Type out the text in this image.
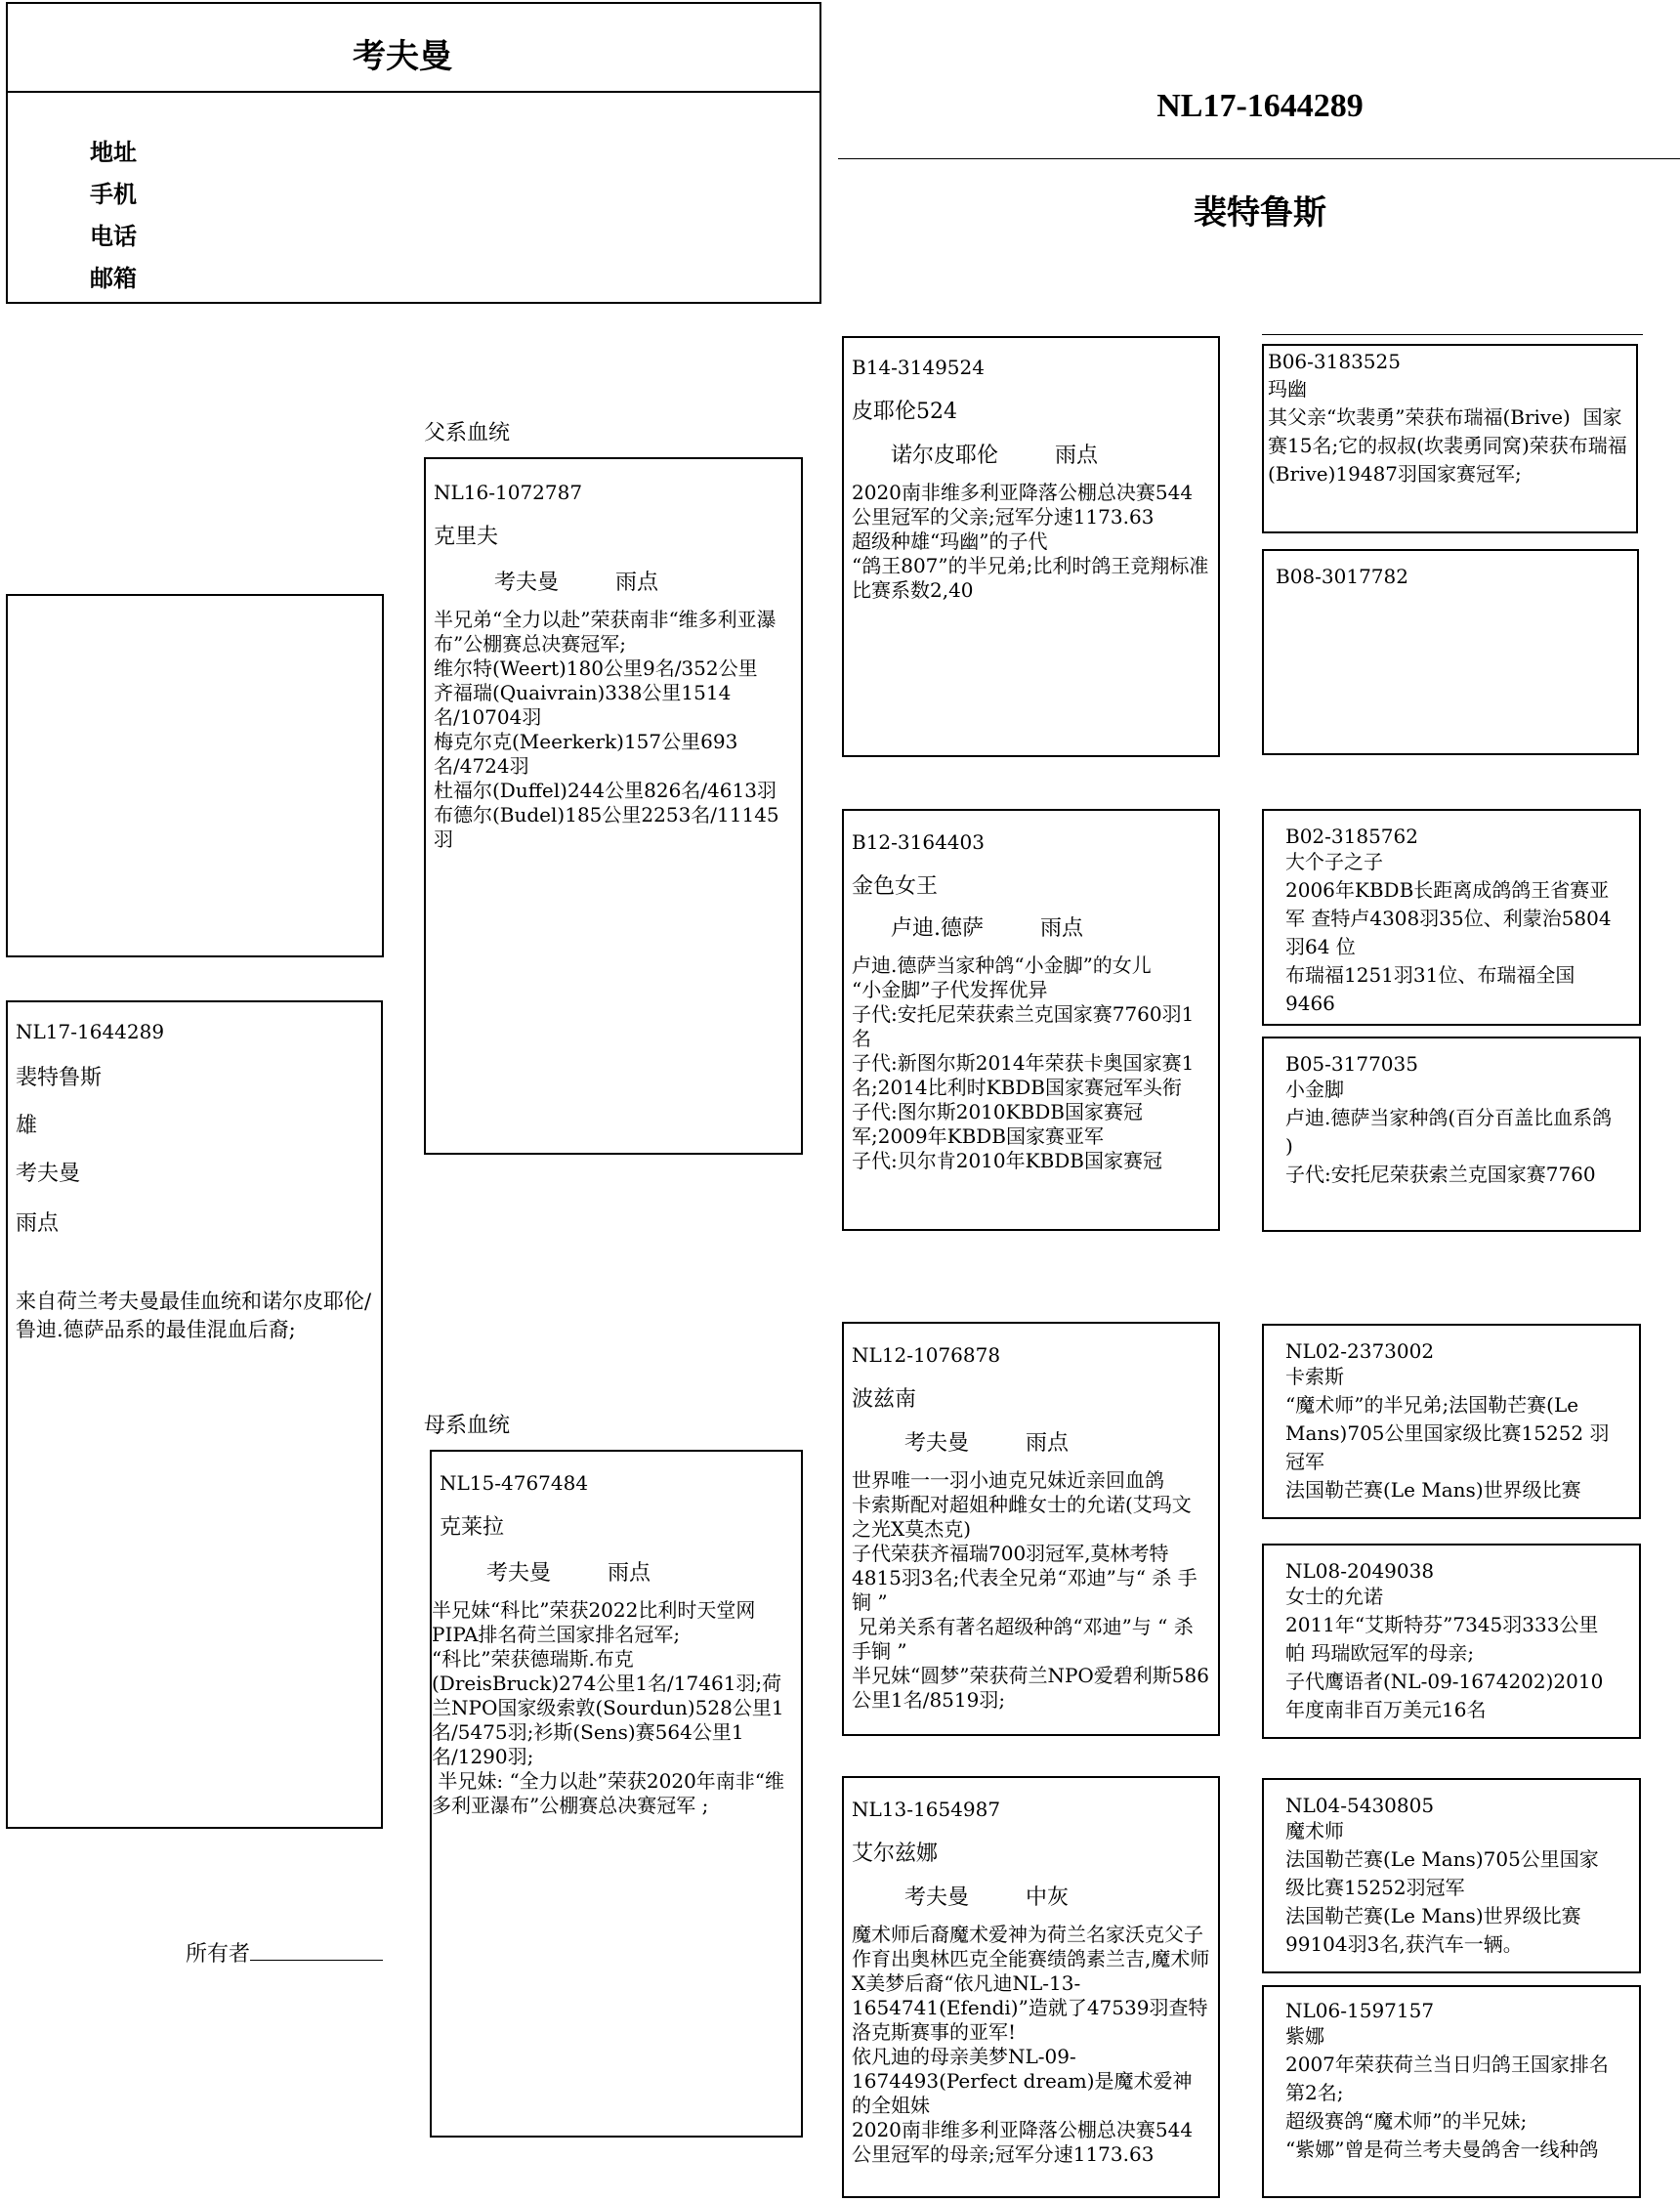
考夫曼
地址
手机
电话
邮箱
NL17-1644289
裴特鲁斯

NL17-1644289

裴特鲁斯

雄

考夫曼

雨点

来自荷兰考夫曼最佳血统和诺尔皮耶伦/鲁迪.德萨品系的最佳混血后裔;

所有者
父系血统

NL16-1072787

克里夫

考夫曼	雨点

半兄弟“全力以赴”荣获南非“维多利亚瀑布”公棚赛总决赛冠军;
维尔特(Weert)180公里9名/352公里
齐福瑞(Quaivrain)338公里1514 名/10704羽
梅克尔克(Meerkerk)157公里693名/4724羽
杜福尔(Duffel)244公里826名/4613羽
布德尔(Budel)185公里2253名/11145羽

母系血统

NL15-4767484

克莱拉

考夫曼	雨点

半兄妹“科比”荣获2022比利时天堂网PIPA排名荷兰国家排名冠军;
“科比”荣获德瑞斯.布克(DreisBruck)274公里1名/17461羽;荷兰NPO国家级索敦(Sourdun)528公里1名/5475羽;衫斯(Sens)赛564公里1名/1290羽;
半兄妹: “全力以赴”荣获2020年南非“维多利亚瀑布”公棚赛总决赛冠军 ;

B14-3149524

皮耶伦524

诺尔皮耶伦	雨点

2020南非维多利亚降落公棚总决赛544公里冠军的父亲;冠军分速1173.63
超级种雄“玛幽”的子代
“鸽王807”的半兄弟;比利时鸽王竞翔标准比赛系数2,40

B12-3164403

金色女王

卢迪.德萨	雨点

卢迪.德萨当家种鸽“小金脚”的女儿
“小金脚”子代发挥优异
子代:安托尼荣获索兰克国家赛7760羽1名
子代:新图尔斯2014年荣获卡奥国家赛1名;2014比利时KBDB国家赛冠军头衔
子代:图尔斯2010KBDB国家赛冠军;2009年KBDB国家赛亚军
子代:贝尔肯2010年KBDB国家赛冠

NL12-1076878

波兹南

考夫曼	雨点

世界唯一一羽小迪克兄妹近亲回血鸽
卡索斯配对超姐种雌女士的允诺(艾玛文之光X莫杰克)
子代荣获齐福瑞700羽冠军,莫林考特4815羽3名;代表全兄弟“邓迪”与“ 杀 手 锏 ”
兄弟关系有著名超级种鸽“邓迪”与 “ 杀手锏 ”
半兄妹“圆梦”荣获荷兰NPO爱碧利斯586公里1名/8519羽;

NL13-1654987

艾尔兹娜

考夫曼	中灰

魔术师后裔魔术爱神为荷兰名家沃克父子作育出奥林匹克全能赛绩鸽素兰吉,魔术师X美梦后裔“依凡迪NL-13-1654741(Efendi)”造就了47539羽查特洛克斯赛事的亚军!
依凡迪的母亲美梦NL-09-1674493(Perfect dream)是魔术爱神的全姐妹
2020南非维多利亚降落公棚总决赛544公里冠军的母亲;冠军分速1173.63

B06-3183525

玛幽

其父亲“坎裴勇”荣获布瑞福(Brive)  国家赛15名;它的叔叔(坎裴勇同窝)荣获布瑞福(Brive)19487羽国家赛冠军;

B08-3017782

B02-3185762

大个子之子

2006年KBDB长距离成鸽鸽王省赛亚军 查特卢4308羽35位、利蒙治5804羽64 位
布瑞福1251羽31位、布瑞福全国9466

B05-3177035

小金脚

卢迪.德萨当家种鸽(百分百盖比血系鸽 )
子代:安托尼荣获索兰克国家赛7760

NL02-2373002

卡索斯

“魔术师”的半兄弟;法国勒芒赛(Le Mans)705公里国家级比赛15252 羽冠军
法国勒芒赛(Le Mans)世界级比赛

NL08-2049038

女士的允诺

2011年“艾斯特芬”7345羽333公里帕 玛瑞欧冠军的母亲;
子代鹰语者(NL-09-1674202)2010年度南非百万美元16名

NL04-5430805

魔术师

法国勒芒赛(Le Mans)705公里国家 级比赛15252羽冠军
法国勒芒赛(Le Mans)世界级比赛99104羽3名,获汽车一辆。

NL06-1597157

紫娜

2007年荣获荷兰当日归鸽王国家排名 第2名;
超级赛鸽“魔术师”的半兄妹;
“紫娜”曾是荷兰考夫曼鸽舍一线种鸽
